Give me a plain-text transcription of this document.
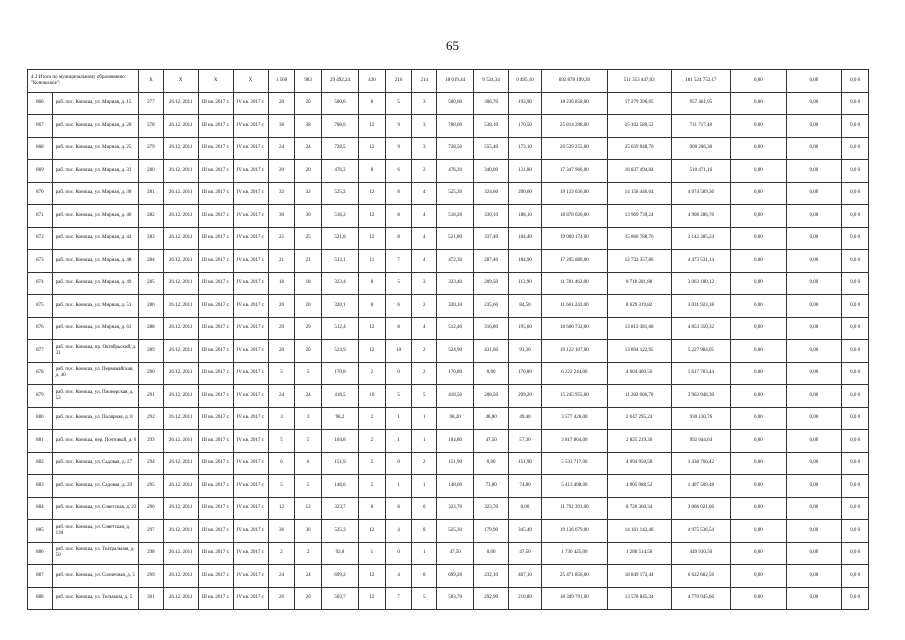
65
4.3 Итого по муниципальному образованию "Коношское":		X	X	X	X	1 560	983	29 492,24	430	216	214	18 019,44	9 524,34	9 495,10	692 878 199,20	511 353 447,03	181 524 752,17	0,00	0,00	0,0 0
866	раб. пос. Коноша, ул. Мирная, д. 15	277	26.12. 2011	III кв. 2017 г.	IV кв. 2017 г.	20	20	500,6	8	5	3	500,60	306,70	193,90	18 236 858,00	17 279 396,05	957 461,95	0,00	0,00	0,0 0
867	раб. пос. Коноша, ул. Мирная, д. 20	278	26.12. 2011	III кв. 2017 г.	IV кв. 2017 г.	38	38	708,6	12	9	3	708,60	538,10	170,50	25 814 298,00	25 102 580,52	711 717,48	0,00	0,00	0,0 0
868	раб. пос. Коноша, ул. Мирная, д. 25	279	26.12. 2011	III кв. 2017 г.	IV кв. 2017 г.	24	24	728,5	12	9	3	728,50	555,40	173,10	26 539 255,00	25 639 048,70	900 206,30	0,00	0,00	0,0 0
869	раб. пос. Коноша, ул. Мирная, д. 33	280	26.12. 2011	III кв. 2017 г.	IV кв. 2017 г.	20	20	476,2	8	6	2	476,20	340,00	131,80	17 347 966,00	16 837 494,84	510 471,16	0,00	0,00	0,0 0
870	раб. пос. Коноша, ул. Мирная, д. 38	281	26.12. 2011	III кв. 2017 г.	IV кв. 2017 г.	32	32	525,2	12	8	4	525,20	324,60	200,60	19 133 036,00	14 158 446,64	4 974 589,36	0,00	0,00	0,0 0
871	раб. пос. Коноша, ул. Мирная, д. 40	282	26.12. 2011	III кв. 2017 г.	IV кв. 2017 г.	30	30	518,2	12	8	4	518,20	330,10	188,10	18 878 026,00	13 969 739,24	4 908 286,76	0,00	0,00	0,0 0
872	раб. пос. Коноша, ул. Мирная, д. 44	283	26.12. 2011	III кв. 2017 г.	IV кв. 2017 г.	25	25	521,8	12	8	4	521,80	337,40	184,40	19 009 174,00	15 866 788,76	3 142 385,24	0,00	0,00	0,0 0
873	раб. пос. Коноша, ул. Мирная, д. 48	284	26.12. 2011	III кв. 2017 г.	IV кв. 2017 г.	21	21	513,1	11	7	4	472,30	287,40	184,90	17 205 889,00	12 732 357,86	4 473 531,14	0,00	0,00	0,0 0
874	раб. пос. Коноша, ул. Мирная, д. 49	285	26.12. 2011	III кв. 2017 г.	IV кв. 2017 г.	18	18	323,4	8	5	3	323,40	209,50	113,90	11 781 462,00	8 718 281,88	3 063 180,12	0,00	0,00	0,0 0
875	раб. пос. Коноша, ул. Мирная, д. 51	286	26.12. 2011	III кв. 2017 г.	IV кв. 2017 г.	20	20	320,1	8	6	2	320,10	235,60	84,50	11 661 243,00	8 629 319,82	3 031 923,18	0,00	0,00	0,0 0
876	раб. пос. Коноша, ул. Мирная, д. 63	288	26.12. 2011	III кв. 2017 г.	IV кв. 2017 г.	29	29	512,4	12	8	4	512,40	316,80	195,60	18 666 732,00	13 813 381,68	4 853 350,32	0,00	0,00	0,0 0
877	раб. пос. Коноша, пр. Октябрьский, д. 31	289	26.12. 2011	III кв. 2017 г.	IV кв. 2017 г.	20	20	524,9	12	10	2	524,90	431,60	93,30	19 122 107,00	13 894 122,95	5 227 984,05	0,00	0,00	0,0 0
878	раб. пос. Коноша, ул. Первомайская, д. 40	290	26.12. 2011	III кв. 2017 г.	IV кв. 2017 г.	5	5	170,8	2	0	2	170,80	0,00	170,80	6 222 244,00	4 604 460,56	1 617 783,44	0,00	0,00	0,0 0
879	раб. пос. Коноша, ул. Пионерская, д. 53	291	26.12. 2011	III кв. 2017 г.	IV кв. 2017 г.	24	24	418,5	10	5	5	418,50	208,50	209,20	15 245 955,00	11 282 006,70	3 963 948,30	0,00	0,00	0,0 0
880	раб. пос. Коноша, ул. Полярная, д. 8	292	26.12. 2011	III кв. 2017 г.	IV кв. 2017 г.	3	3	98,2	2	1	1	98,20	48,80	49,40	3 577 426,00	2 647 295,24	930 130,76	0,00	0,00	0,0 0
881	раб. пос. Коноша, пер. Почтовый, д. 6	293	26.12. 2011	III кв. 2017 г.	IV кв. 2017 г.	5	5	104,8	2	1	1	104,80	47,50	57,30	3 817 864,00	2 825 219,36	992 644,64	0,00	0,00	0,0 0
882	раб. пос. Коноша, ул. Садовая, д. 27	294	26.12. 2011	III кв. 2017 г.	IV кв. 2017 г.	6	6	151,9	2	0	2	151,90	0,00	151,90	5 533 717,00	4 094 950,58	1 438 766,42	0,00	0,00	0,0 0
883	раб. пос. Коноша, ул. Садовая, д. 29	295	26.12. 2011	III кв. 2017 г.	IV кв. 2017 г.	5	5	148,6	2	1	1	148,60	73,80	74,80	5 413 498,00	4 005 988,52	1 407 509,48	0,00	0,00	0,0 0
884	раб. пос. Коноша, ул. Советская, д. 23	296	26.12. 2011	III кв. 2017 г.	IV кв. 2017 г.	12	12	323,7	8	8	0	323,70	323,70	0,00	11 792 391,00	8 726 360,34	3 066 021,66	0,00	0,00	0,0 0
885	раб. пос. Коноша, ул. Советская, д. 130	297	26.12. 2011	III кв. 2017 г.	IV кв. 2017 г.	36	36	525,3	12	4	8	525,30	179,90	345,40	19 136 679,00	14 161 142,46	4 975 536,54	0,00	0,00	0,0 0
886	раб. пос. Коноша, ул. Театральная, д. 50	298	26.12. 2011	III кв. 2017 г.	IV кв. 2017 г.	2	2	92,8	1	0	1	47,50	0,00	47,50	1 730 425,00	1 280 514,50	449 910,50	0,00	0,00	0,0 0
887	раб. пос. Коноша, ул. Солнечная, д. 5	299	26.12. 2011	III кв. 2017 г.	IV кв. 2017 г.	24	24	699,2	12	4	8	699,20	232,10	467,10	25 471 856,00	18 849 173,44	6 622 682,56	0,00	0,00	0,0 0
888	раб. пос. Коноша, ул. Тельмана, д. 5	301	26.12. 2011	III кв. 2017 г.	IV кв. 2017 г.	26	26	503,7	12	7	5	503,70	292,90	210,80	18 349 791,00	13 578 845,34	4 770 945,66	0,00	0,00	0,0 0
